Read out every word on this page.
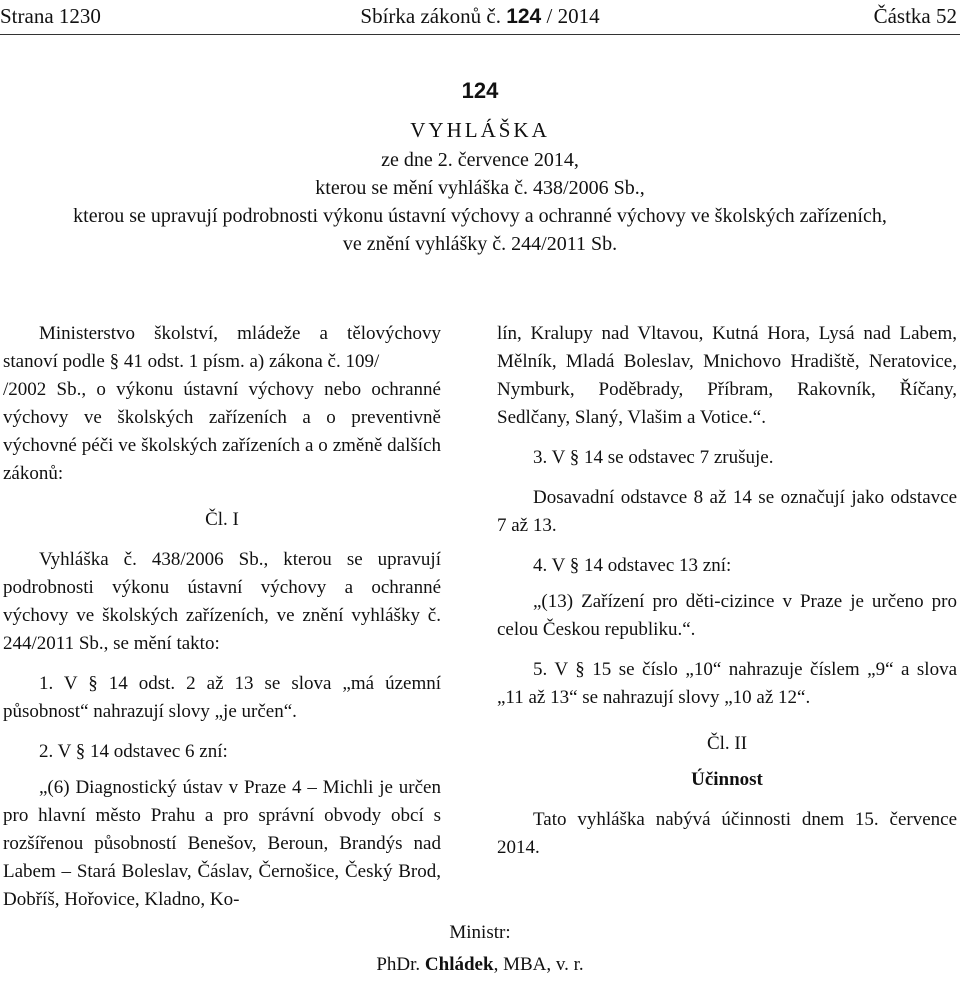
Strana 1230	Sbírka zákonů č. 124 / 2014	Částka 52
124
VYHLÁŠKA
ze dne 2. července 2014,
kterou se mění vyhláška č. 438/2006 Sb.,
kterou se upravují podrobnosti výkonu ústavní výchovy a ochranné výchovy ve školských zařízeních,
ve znění vyhlášky č. 244/2011 Sb.

Ministerstvo školství, mládeže a tělovýchovy stanoví podle § 41 odst. 1 písm. a) zákona č. 109/

/2002 Sb., o výkonu ústavní výchovy nebo ochranné výchovy ve školských zařízeních a o preventivně výchovné péči ve školských zařízeních a o změně dalších zákonů:

Čl. I

Vyhláška č. 438/2006 Sb., kterou se upravují podrobnosti výkonu ústavní výchovy a ochranné výchovy ve školských zařízeních, ve znění vyhlášky č. 244/2011 Sb., se mění takto:

1. V § 14 odst. 2 až 13 se slova „má územní působnost“ nahrazují slovy „je určen“.

2. V § 14 odstavec 6 zní:

„(6) Diagnostický ústav v Praze 4 – Michli je určen pro hlavní město Prahu a pro správní obvody obcí s rozšířenou působností Benešov, Beroun, Brandýs nad Labem – Stará Boleslav, Čáslav, Černošice, Český Brod, Dobříš, Hořovice, Kladno, Ko-

lín, Kralupy nad Vltavou, Kutná Hora, Lysá nad Labem, Mělník, Mladá Boleslav, Mnichovo Hradiště, Neratovice, Nymburk, Poděbrady, Příbram, Rakovník, Říčany, Sedlčany, Slaný, Vlašim a Votice.“.

3. V § 14 se odstavec 7 zrušuje.

Dosavadní odstavce 8 až 14 se označují jako odstavce 7 až 13.

4. V § 14 odstavec 13 zní:

„(13) Zařízení pro děti-cizince v Praze je určeno pro celou Českou republiku.“.

5. V § 15 se číslo „10“ nahrazuje číslem „9“ a slova „11 až 13“ se nahrazují slovy „10 až 12“.

Čl. II

Účinnost

Tato vyhláška nabývá účinnosti dnem 15. července 2014.

Ministr:
PhDr. Chládek, MBA, v. r.
